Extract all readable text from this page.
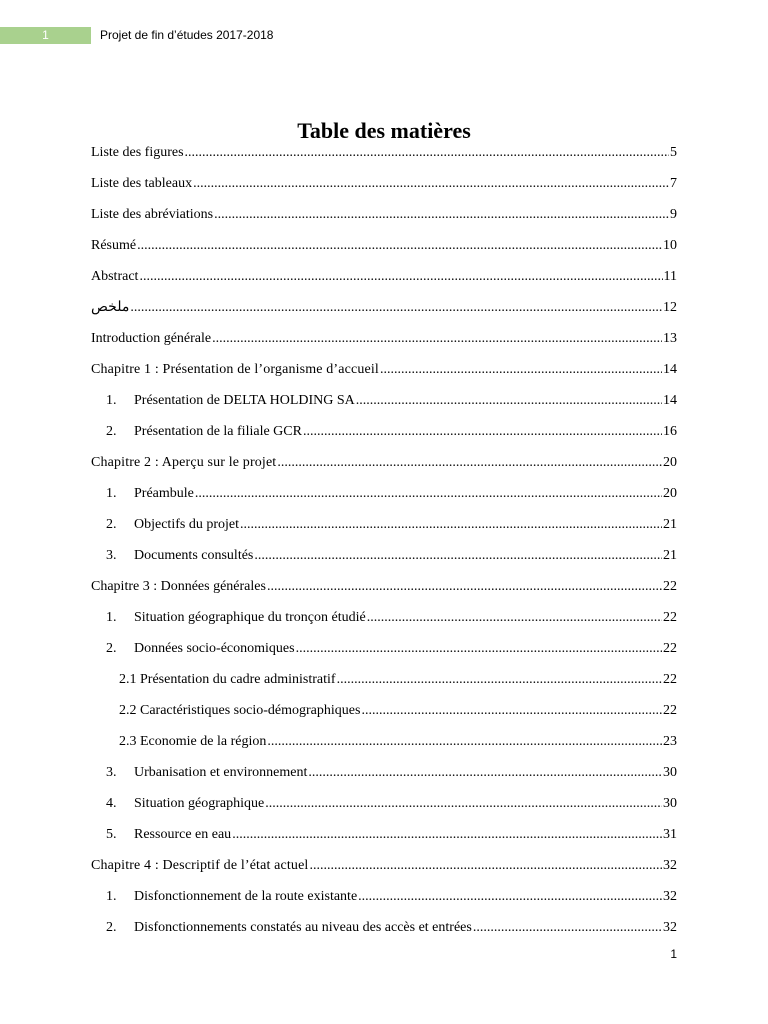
1	Projet de fin d’études 2017-2018
Table des matières
Liste des figures .....	5
Liste des tableaux .....	7
Liste des abréviations .....	9
Résumé .....	10
Abstract .....	11
ملخص .....	12
Introduction générale .....	13
Chapitre 1 : Présentation de l’organisme d’accueil .....	14
1.	Présentation de DELTA HOLDING SA .....	14
2.	Présentation de la filiale GCR .....	16
Chapitre 2 : Aperçu sur le projet .....	20
1.	Préambule .....	20
2.	Objectifs du projet .....	21
3.	Documents consultés .....	21
Chapitre 3 : Données générales .....	22
1.	Situation géographique du tronçon étudié .....	22
2.	Données socio-économiques .....	22
2.1 Présentation du cadre administratif .....	22
2.2 Caractéristiques socio-démographiques .....	22
2.3 Economie de la région .....	23
3.	Urbanisation et environnement .....	30
4.	Situation géographique .....	30
5.	Ressource en eau .....	31
Chapitre 4 : Descriptif de l’état actuel .....	32
1.	Disfonctionnement de la route existante .....	32
2.	Disfonctionnements constatés au niveau des accès et entrées .....	32
1
